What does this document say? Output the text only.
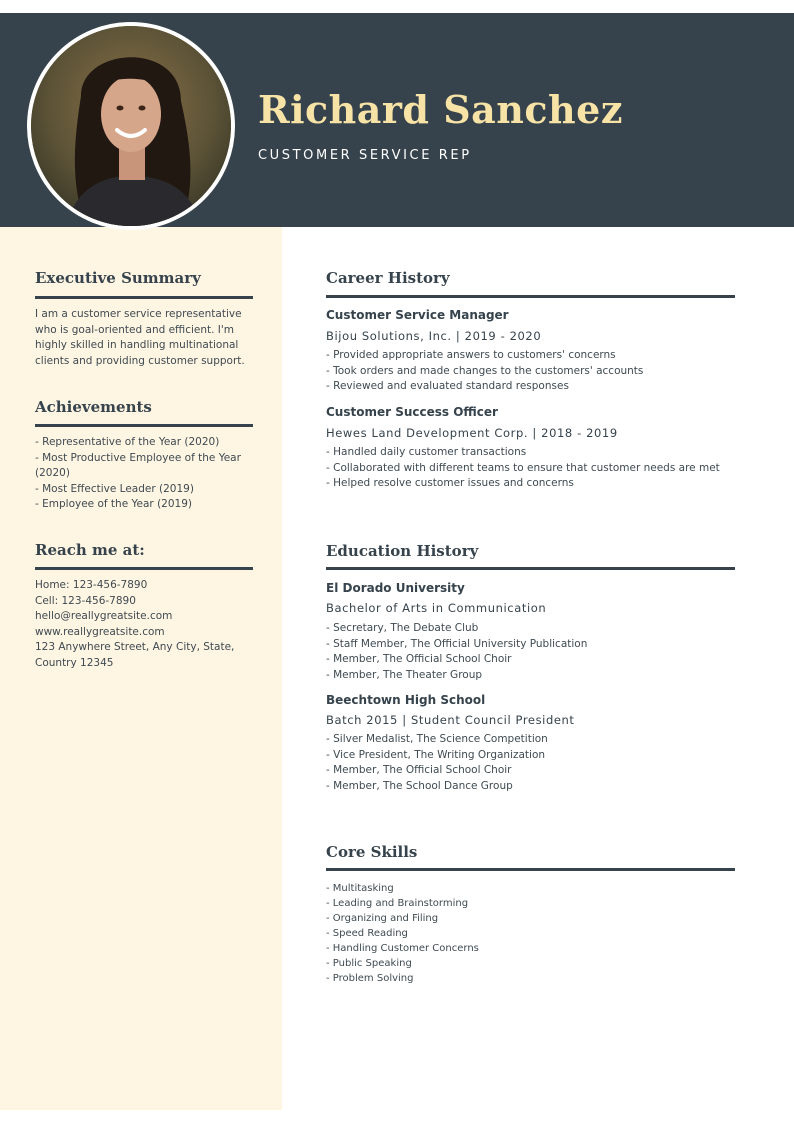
Richard Sanchez
CUSTOMER SERVICE REP
Executive Summary
I am a customer service representative
who is goal-oriented and efficient. I'm
highly skilled in handling multinational
clients and providing customer support.
Achievements
- Representative of the Year (2020)
- Most Productive Employee of the Year
(2020)
- Most Effective Leader (2019)
- Employee of the Year (2019)
Reach me at:
Home: 123-456-7890
Cell: 123-456-7890
hello@reallygreatsite.com
www.reallygreatsite.com
123 Anywhere Street, Any City, State,
Country 12345
Career History
Customer Service Manager
Bijou Solutions, Inc. | 2019 - 2020
- Provided appropriate answers to customers' concerns
- Took orders and made changes to the customers' accounts
- Reviewed and evaluated standard responses
Customer Success Officer
Hewes Land Development Corp. | 2018 - 2019
- Handled daily customer transactions
- Collaborated with different teams to ensure that customer needs are met
- Helped resolve customer issues and concerns
Education History
El Dorado University
Bachelor of Arts in Communication
- Secretary, The Debate Club
- Staff Member, The Official University Publication
- Member, The Official School Choir
- Member, The Theater Group
Beechtown High School
Batch 2015 | Student Council President
- Silver Medalist, The Science Competition
- Vice President, The Writing Organization
- Member, The Official School Choir
- Member, The School Dance Group
Core Skills
- Multitasking
- Leading and Brainstorming
- Organizing and Filing
- Speed Reading
- Handling Customer Concerns
- Public Speaking
- Problem Solving
